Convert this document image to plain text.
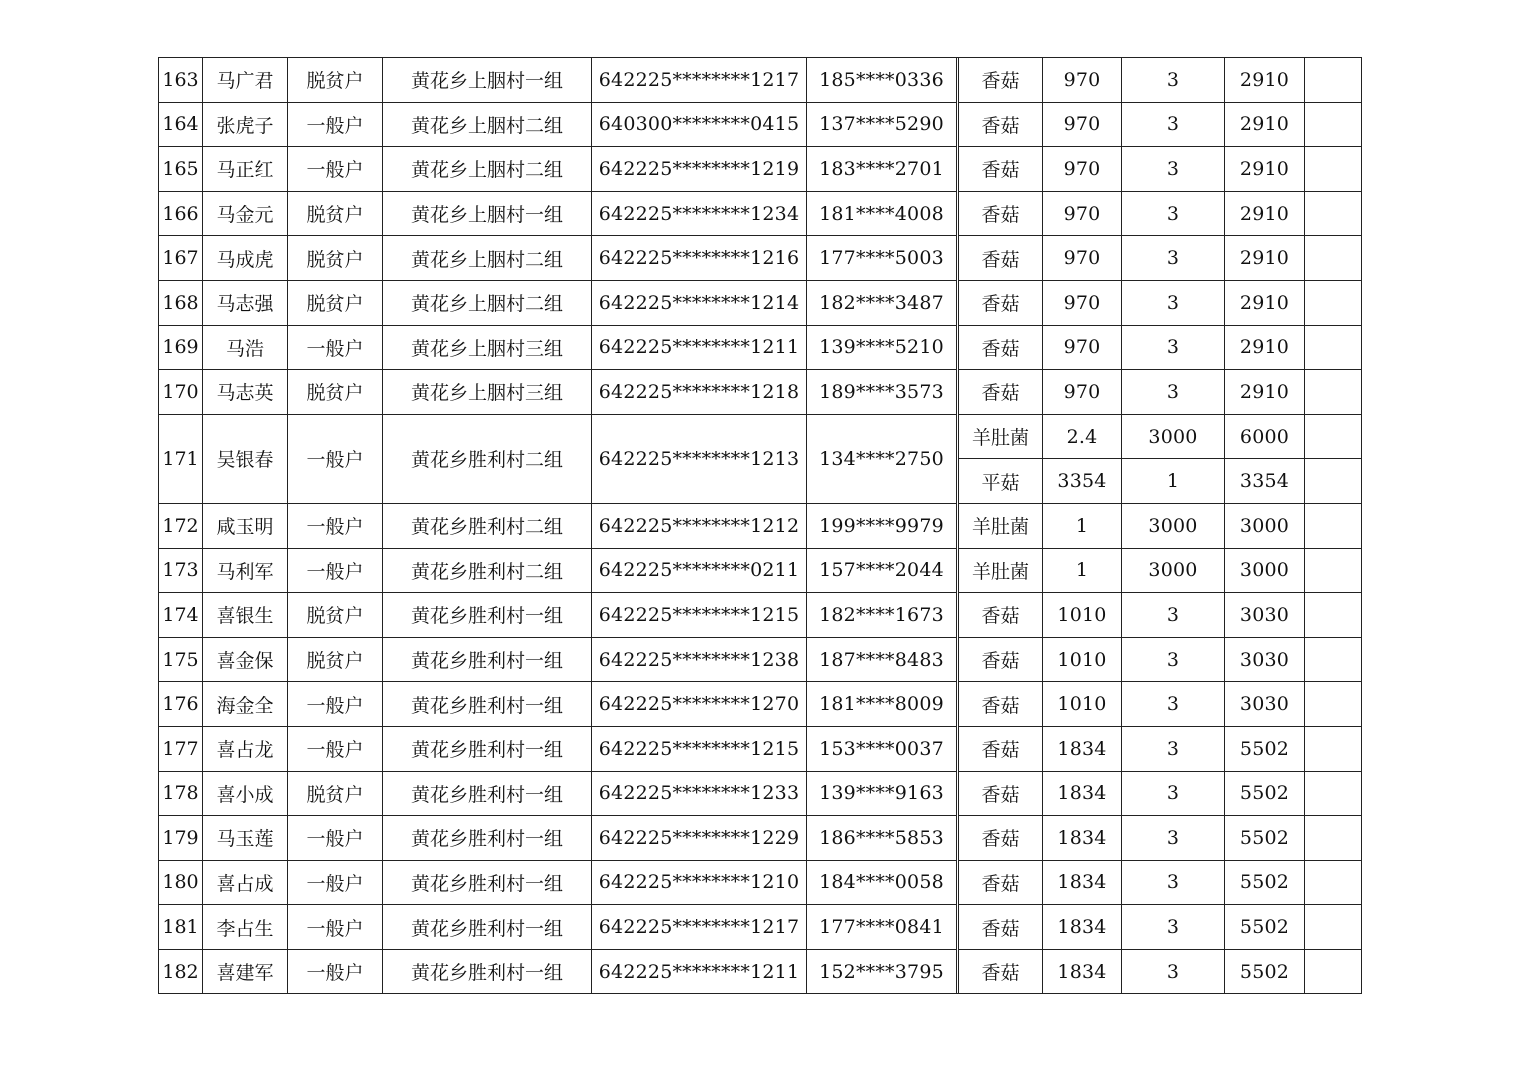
163	马广君	脱贫户	黄花乡上胭村一组	642225********1217	185****0336		香菇	970	3	2910	
164	张虎子	一般户	黄花乡上胭村二组	640300********0415	137****5290		香菇	970	3	2910	
165	马正红	一般户	黄花乡上胭村二组	642225********1219	183****2701		香菇	970	3	2910	
166	马金元	脱贫户	黄花乡上胭村一组	642225********1234	181****4008		香菇	970	3	2910	
167	马成虎	脱贫户	黄花乡上胭村二组	642225********1216	177****5003		香菇	970	3	2910	
168	马志强	脱贫户	黄花乡上胭村二组	642225********1214	182****3487		香菇	970	3	2910	
169	马浩	一般户	黄花乡上胭村三组	642225********1211	139****5210		香菇	970	3	2910	
170	马志英	脱贫户	黄花乡上胭村三组	642225********1218	189****3573		香菇	970	3	2910	
171	吴银春	一般户	黄花乡胜利村二组	642225********1213	134****2750		羊肚菌	2.4	3000	6000	
							平菇	3354	1	3354	
172	咸玉明	一般户	黄花乡胜利村二组	642225********1212	199****9979		羊肚菌	1	3000	3000	
173	马利军	一般户	黄花乡胜利村二组	642225********0211	157****2044		羊肚菌	1	3000	3000	
174	喜银生	脱贫户	黄花乡胜利村一组	642225********1215	182****1673		香菇	1010	3	3030	
175	喜金保	脱贫户	黄花乡胜利村一组	642225********1238	187****8483		香菇	1010	3	3030	
176	海金全	一般户	黄花乡胜利村一组	642225********1270	181****8009		香菇	1010	3	3030	
177	喜占龙	一般户	黄花乡胜利村一组	642225********1215	153****0037		香菇	1834	3	5502	
178	喜小成	脱贫户	黄花乡胜利村一组	642225********1233	139****9163		香菇	1834	3	5502	
179	马玉莲	一般户	黄花乡胜利村一组	642225********1229	186****5853		香菇	1834	3	5502	
180	喜占成	一般户	黄花乡胜利村一组	642225********1210	184****0058		香菇	1834	3	5502	
181	李占生	一般户	黄花乡胜利村一组	642225********1217	177****0841		香菇	1834	3	5502	
182	喜建军	一般户	黄花乡胜利村一组	642225********1211	152****3795		香菇	1834	3	5502	
